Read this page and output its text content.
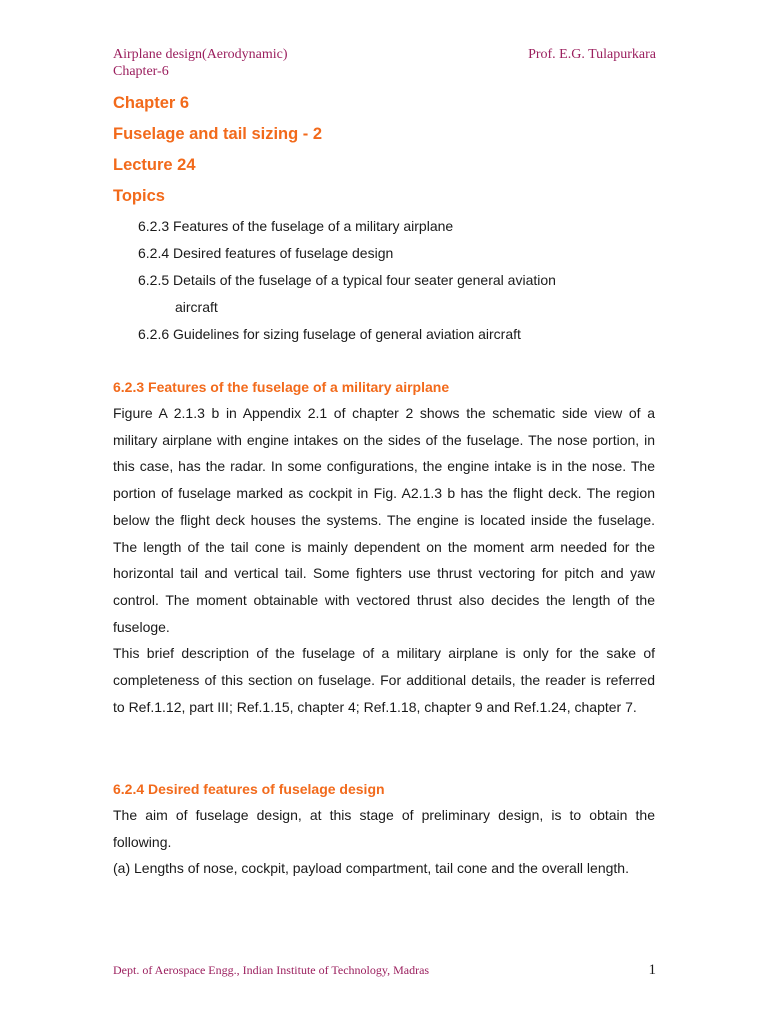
Airplane design(Aerodynamic)	Prof. E.G. Tulapurkara
Chapter-6
Chapter 6
Fuselage and tail sizing - 2
Lecture 24
Topics
6.2.3 Features of the fuselage of a military airplane
6.2.4 Desired features of fuselage design
6.2.5 Details of the fuselage of a typical four seater general aviation
aircraft
6.2.6 Guidelines for sizing fuselage of general aviation aircraft
6.2.3 Features of the fuselage of a military airplane

Figure A 2.1.3 b in Appendix 2.1 of chapter 2 shows the schematic side view of a military airplane with engine intakes on the sides of the fuselage. The nose portion, in this case, has the radar. In some configurations, the engine intake is in the nose. The portion of fuselage marked as cockpit in Fig. A2.1.3 b has the flight deck. The region below the flight deck houses the systems. The engine is located inside the fuselage. The length of the tail cone is mainly dependent on the moment arm needed for the horizontal tail and vertical tail. Some fighters use thrust vectoring for pitch and yaw control. The moment obtainable with vectored thrust also decides the length of the fuseloge.

This brief description of the fuselage of a military airplane is only for the sake of completeness of this section on fuselage. For additional details, the reader is referred to Ref.1.12, part III; Ref.1.15, chapter 4; Ref.1.18, chapter 9 and Ref.1.24, chapter 7.

6.2.4 Desired features of fuselage design

The aim of fuselage design, at this stage of preliminary design, is to obtain the following.

(a) Lengths of nose, cockpit, payload compartment, tail cone and the overall length.

Dept. of Aerospace Engg., Indian Institute of Technology, Madras	1
